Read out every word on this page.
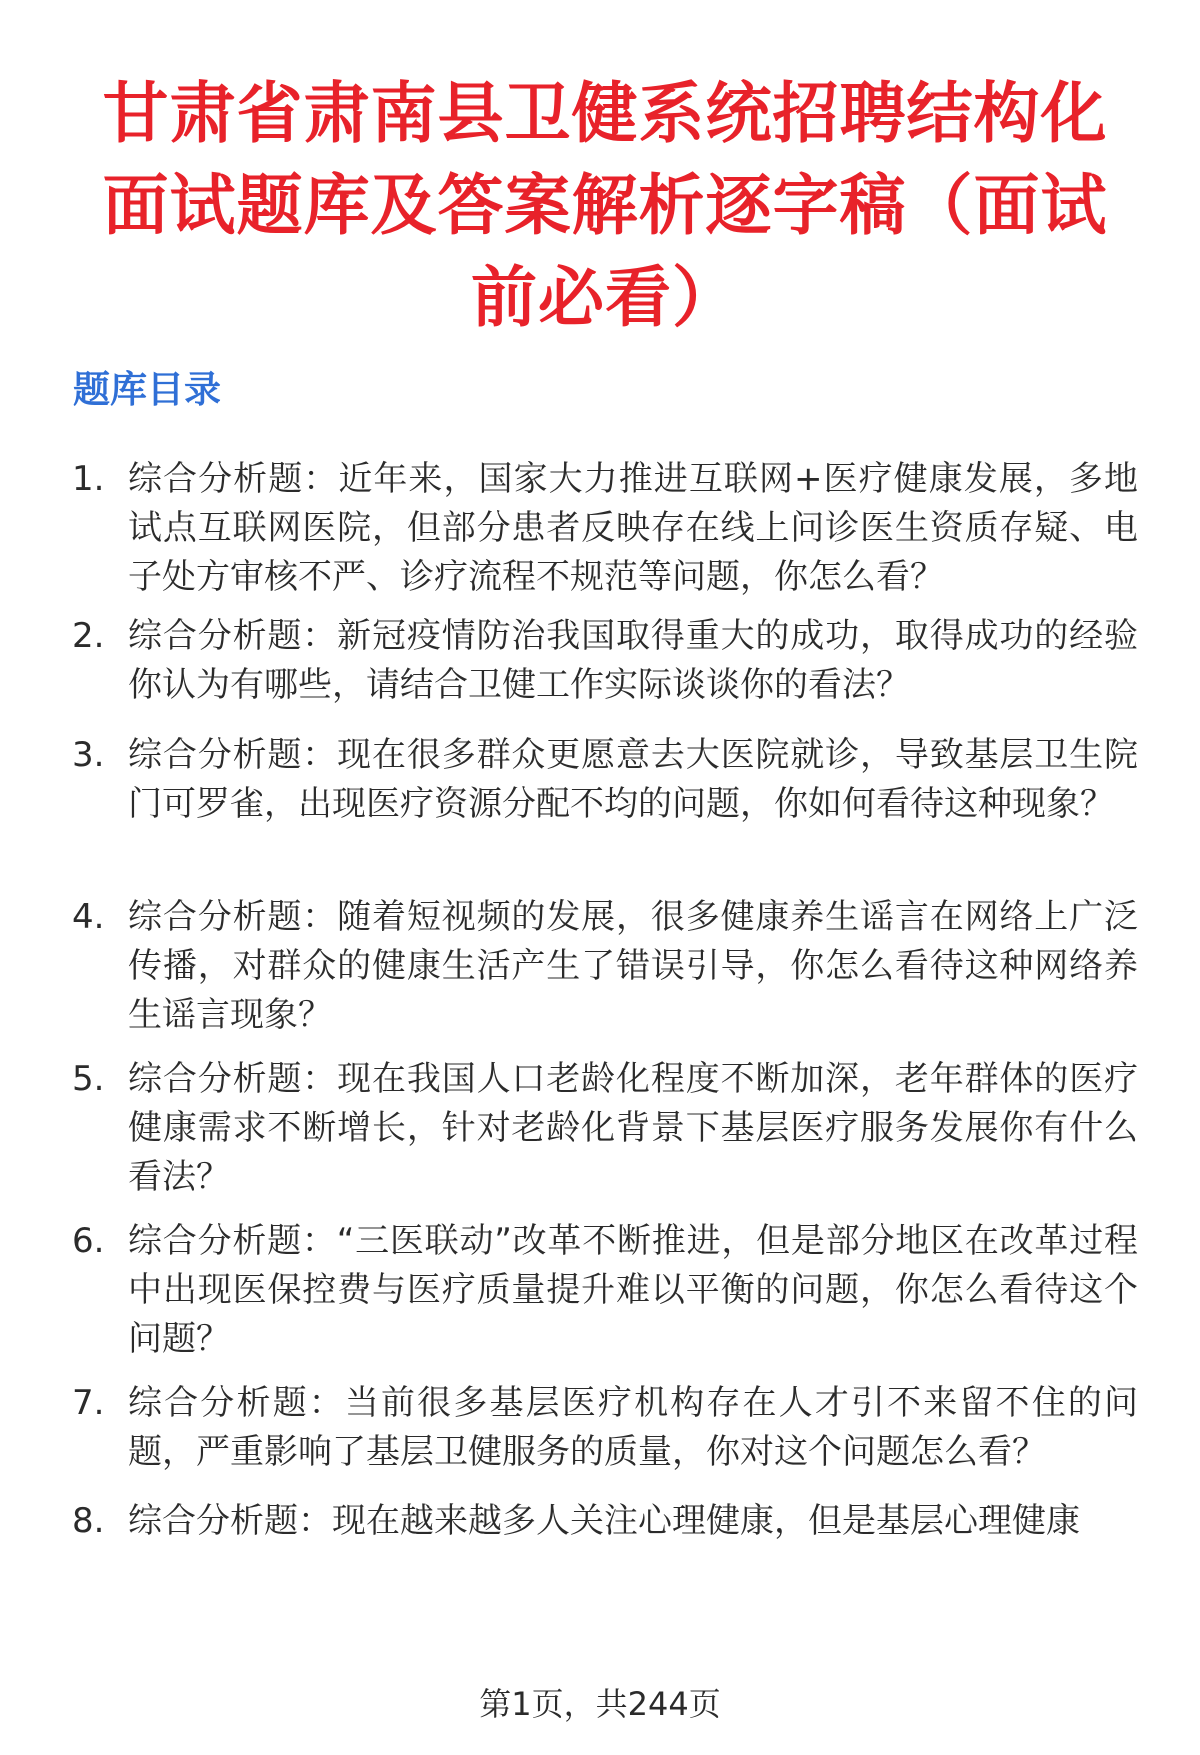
甘肃省肃南县卫健系统招聘结构化面试题库及答案解析逐字稿（面试前必看）
题库目录
1. 综合分析题：近年来，国家大力推进互联网+医疗健康发展，多地试点互联网医院，但部分患者反映存在线上问诊医生资质存疑、电子处方审核不严、诊疗流程不规范等问题，你怎么看？
2. 综合分析题：新冠疫情防治我国取得重大的成功，取得成功的经验你认为有哪些，请结合卫健工作实际谈谈你的看法？
3. 综合分析题：现在很多群众更愿意去大医院就诊，导致基层卫生院门可罗雀，出现医疗资源分配不均的问题，你如何看待这种现象？
4. 综合分析题：随着短视频的发展，很多健康养生谣言在网络上广泛传播，对群众的健康生活产生了错误引导，你怎么看待这种网络养生谣言现象？
5. 综合分析题：现在我国人口老龄化程度不断加深，老年群体的医疗健康需求不断增长，针对老龄化背景下基层医疗服务发展你有什么看法？
6. 综合分析题：“三医联动”改革不断推进，但是部分地区在改革过程中出现医保控费与医疗质量提升难以平衡的问题，你怎么看待这个问题？
7. 综合分析题：当前很多基层医疗机构存在人才引不来留不住的问题，严重影响了基层卫健服务的质量，你对这个问题怎么看？
8. 综合分析题：现在越来越多人关注心理健康，但是基层心理健康
第1页，共244页
